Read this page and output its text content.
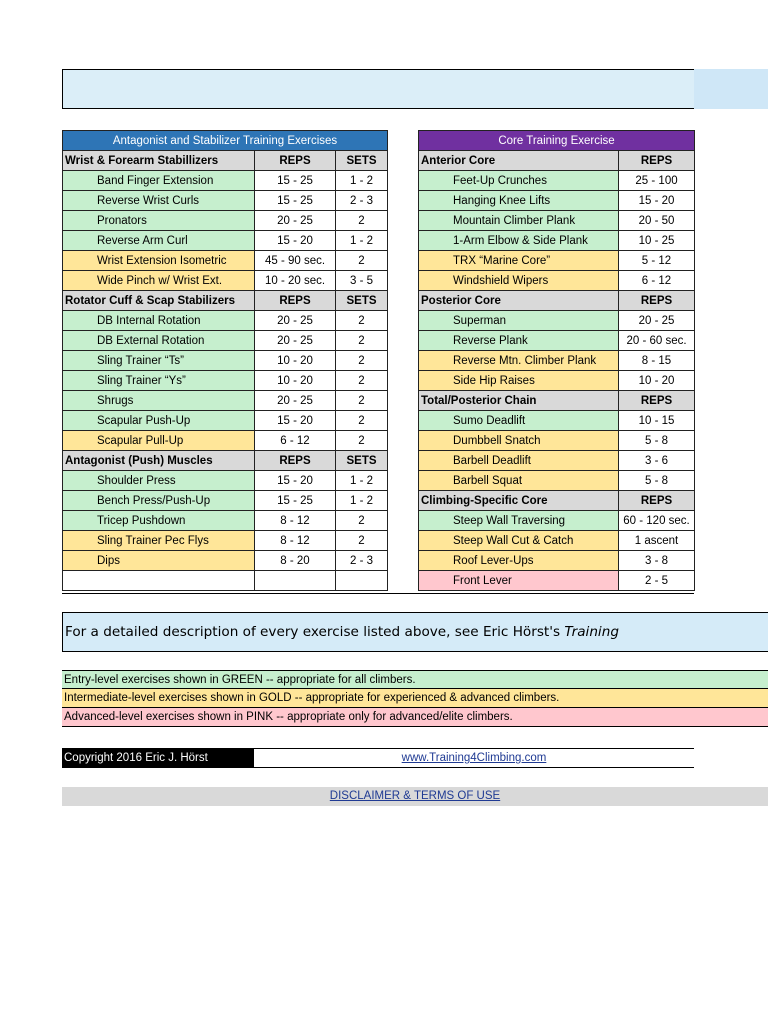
Antagonist and Stabilizer Training Exercises		
Wrist & Forearm Stabillizers	REPS	SETS
Band Finger Extension	15 - 25	1 - 2
Reverse Wrist Curls	15 - 25	2 - 3
Pronators	20 - 25	2
Reverse Arm Curl	15 - 20	1 - 2
Wrist Extension Isometric	45 - 90 sec.	2
Wide Pinch w/ Wrist Ext.	10 - 20 sec.	3 - 5
Rotator Cuff & Scap Stabilizers	REPS	SETS
DB Internal Rotation	20 - 25	2
DB External Rotation	20 - 25	2
Sling Trainer “Ts”	10 - 20	2
Sling Trainer “Ys”	10 - 20	2
Shrugs	20 - 25	2
Scapular Push-Up	15 - 20	2
Scapular Pull-Up	6 - 12	2
Antagonist (Push) Muscles	REPS	SETS
Shoulder Press	15 - 20	1 - 2
Bench Press/Push-Up	15 - 25	1 - 2
Tricep Pushdown	8 - 12	2
Sling Trainer Pec Flys	8 - 12	2
Dips	8 - 20	2 - 3

Core Training Exercise	
Anterior Core	REPS
Feet-Up Crunches	25 - 100
Hanging Knee Lifts	15 - 20
Mountain Climber Plank	20 - 50
1-Arm Elbow & Side Plank	10 - 25
TRX “Marine Core”	5 - 12
Windshield Wipers	6 - 12
Posterior Core	REPS
Superman	20 - 25
Reverse Plank	20 - 60 sec.
Reverse Mtn. Climber Plank	8 - 15
Side Hip Raises	10 - 20
Total/Posterior Chain	REPS
Sumo Deadlift	10 - 15
Dumbbell Snatch	5 - 8
Barbell Deadlift	3 - 6
Barbell Squat	5 - 8
Climbing-Specific Core	REPS
Steep Wall Traversing	60 - 120 sec.
Steep Wall Cut & Catch	1 ascent
Roof Lever-Ups	3 - 8
Front Lever	2 - 5
For a detailed description of every exercise listed above, see Eric Hörst's Training
Entry-level exercises shown in GREEN -- appropriate for all climbers.
Intermediate-level exercises shown in GOLD -- appropriate for experienced & advanced climbers.
Advanced-level exercises shown in PINK -- appropriate only for advanced/elite climbers.
Copyright 2016 Eric J. Hörst	www.Training4Climbing.com
DISCLAIMER & TERMS OF USE
